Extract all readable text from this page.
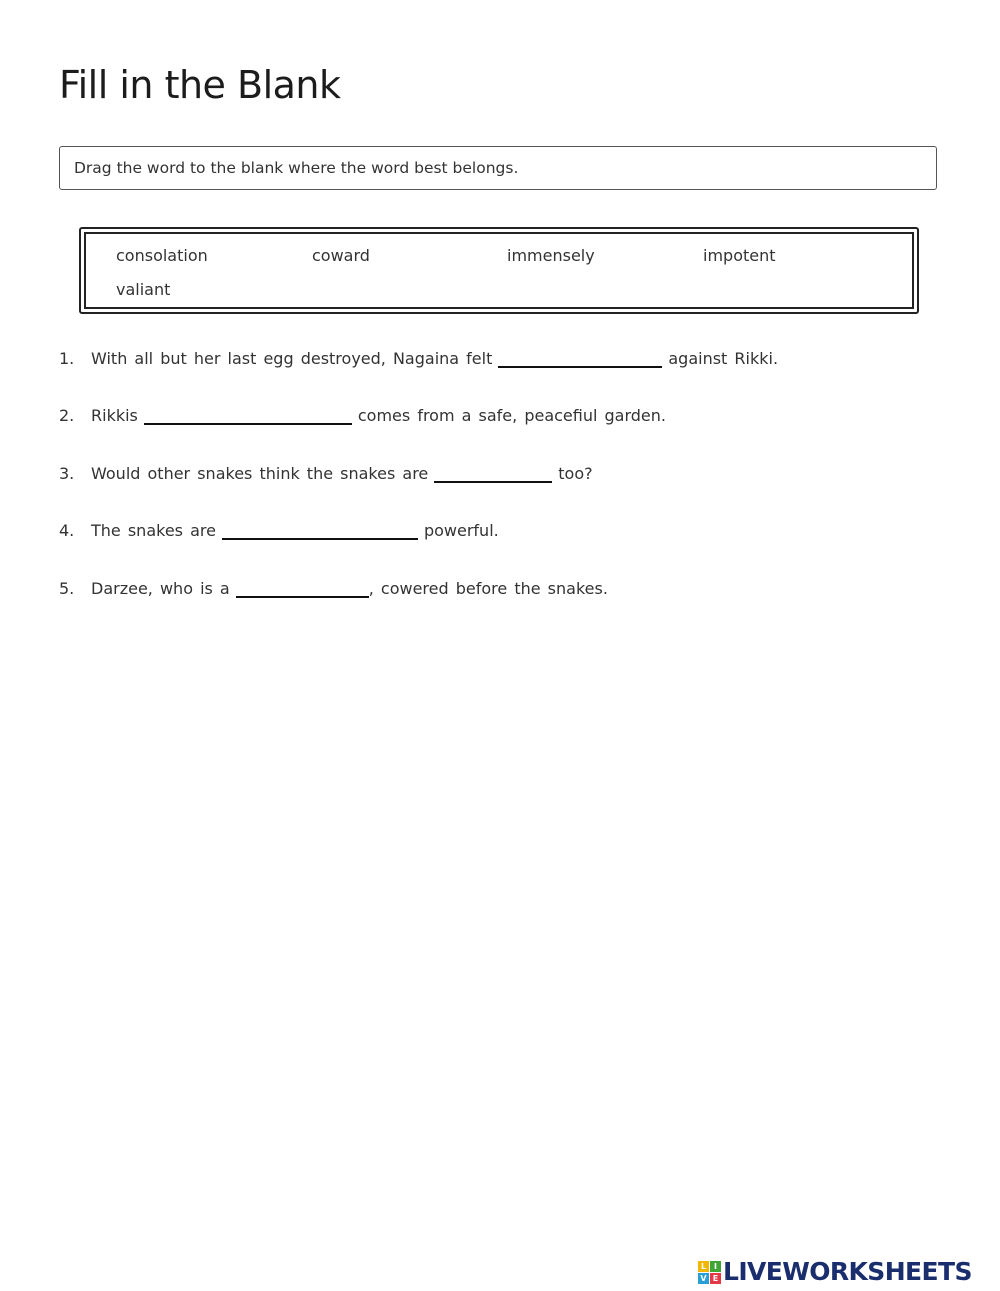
Fill in the Blank
Drag the word to the blank where the word best belongs.
consolation	coward	immensely	impotent
valiant
1. With all but her last egg destroyed, Nagaina felt	against Rikki.
2. Rikkis	comes from a safe, peacefiul garden.
3. Would other snakes think the snakes are	too?
4. The snakes are	powerful.
5. Darzee, who is a	, cowered before the snakes.
L I
V E LIVEWORKSHEETS
